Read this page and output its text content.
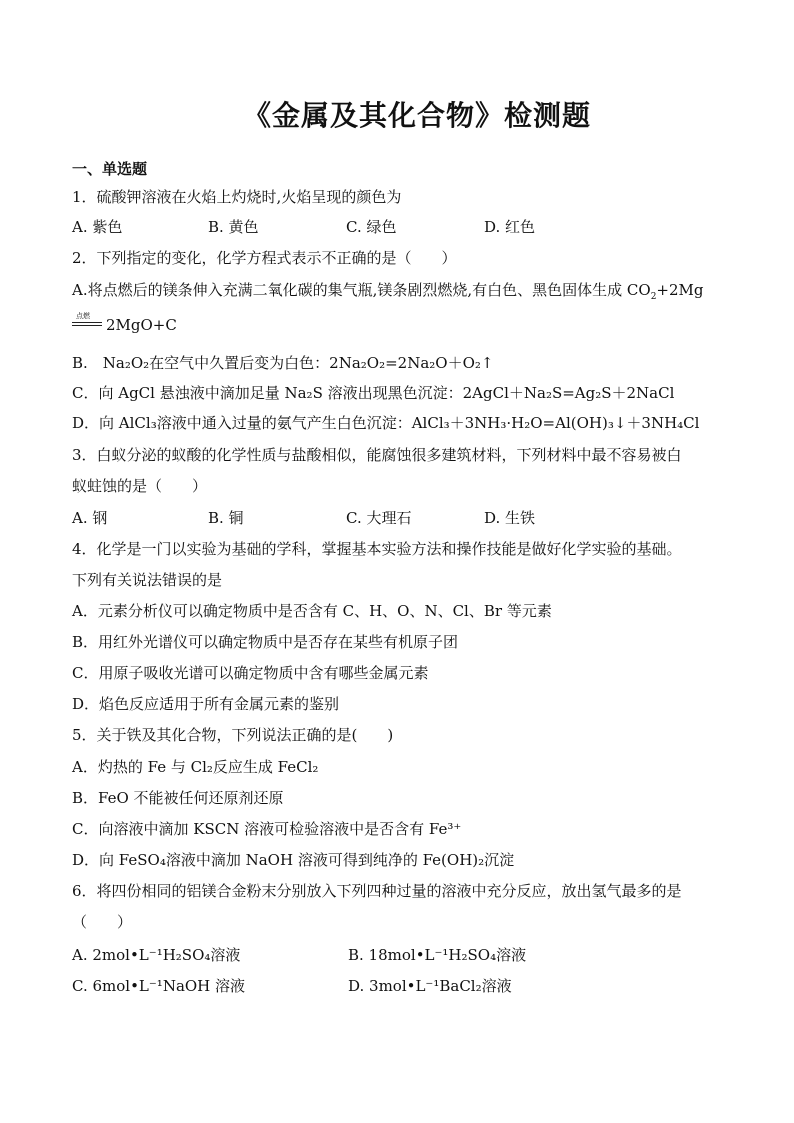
《金属及其化合物》检测题
一、单选题
1．硫酸钾溶液在火焰上灼烧时,火焰呈现的颜色为
A. 紫色	B. 黄色	C. 绿色	D. 红色
2．下列指定的变化，化学方程式表示不正确的是（　　）
A.将点燃后的镁条伸入充满二氧化碳的集气瓶,镁条剧烈燃烧,有白色、黑色固体生成 $CO_2+2Mg$
点燃 2MgO+C
B.　Na₂O₂在空气中久置后变为白色：2Na₂O₂=2Na₂O＋O₂↑
C．向 AgCl 悬浊液中滴加足量 Na₂S 溶液出现黑色沉淀：2AgCl＋Na₂S=Ag₂S＋2NaCl
D．向 AlCl₃溶液中通入过量的氨气产生白色沉淀：AlCl₃＋3NH₃·H₂O=Al(OH)₃↓＋3NH₄Cl
3．白蚁分泌的蚁酸的化学性质与盐酸相似，能腐蚀很多建筑材料，下列材料中最不容易被白
蚁蛀蚀的是（　　）
A. 钢	B. 铜	C. 大理石	D. 生铁
4．化学是一门以实验为基础的学科，掌握基本实验方法和操作技能是做好化学实验的基础。
下列有关说法错误的是
A．元素分析仪可以确定物质中是否含有 C、H、O、N、Cl、Br 等元素
B．用红外光谱仪可以确定物质中是否存在某些有机原子团
C．用原子吸收光谱可以确定物质中含有哪些金属元素
D．焰色反应适用于所有金属元素的鉴别
5．关于铁及其化合物，下列说法正确的是(　　)
A．灼热的 Fe 与 Cl₂反应生成 FeCl₂
B．FeO 不能被任何还原剂还原
C．向溶液中滴加 KSCN 溶液可检验溶液中是否含有 Fe³⁺
D．向 FeSO₄溶液中滴加 NaOH 溶液可得到纯净的 Fe(OH)₂沉淀
6．将四份相同的铝镁合金粉末分别放入下列四种过量的溶液中充分反应，放出氢气最多的是
（　　）
A. 2mol•L⁻¹H₂SO₄溶液	B. 18mol•L⁻¹H₂SO₄溶液
C. 6mol•L⁻¹NaOH 溶液	D. 3mol•L⁻¹BaCl₂溶液
